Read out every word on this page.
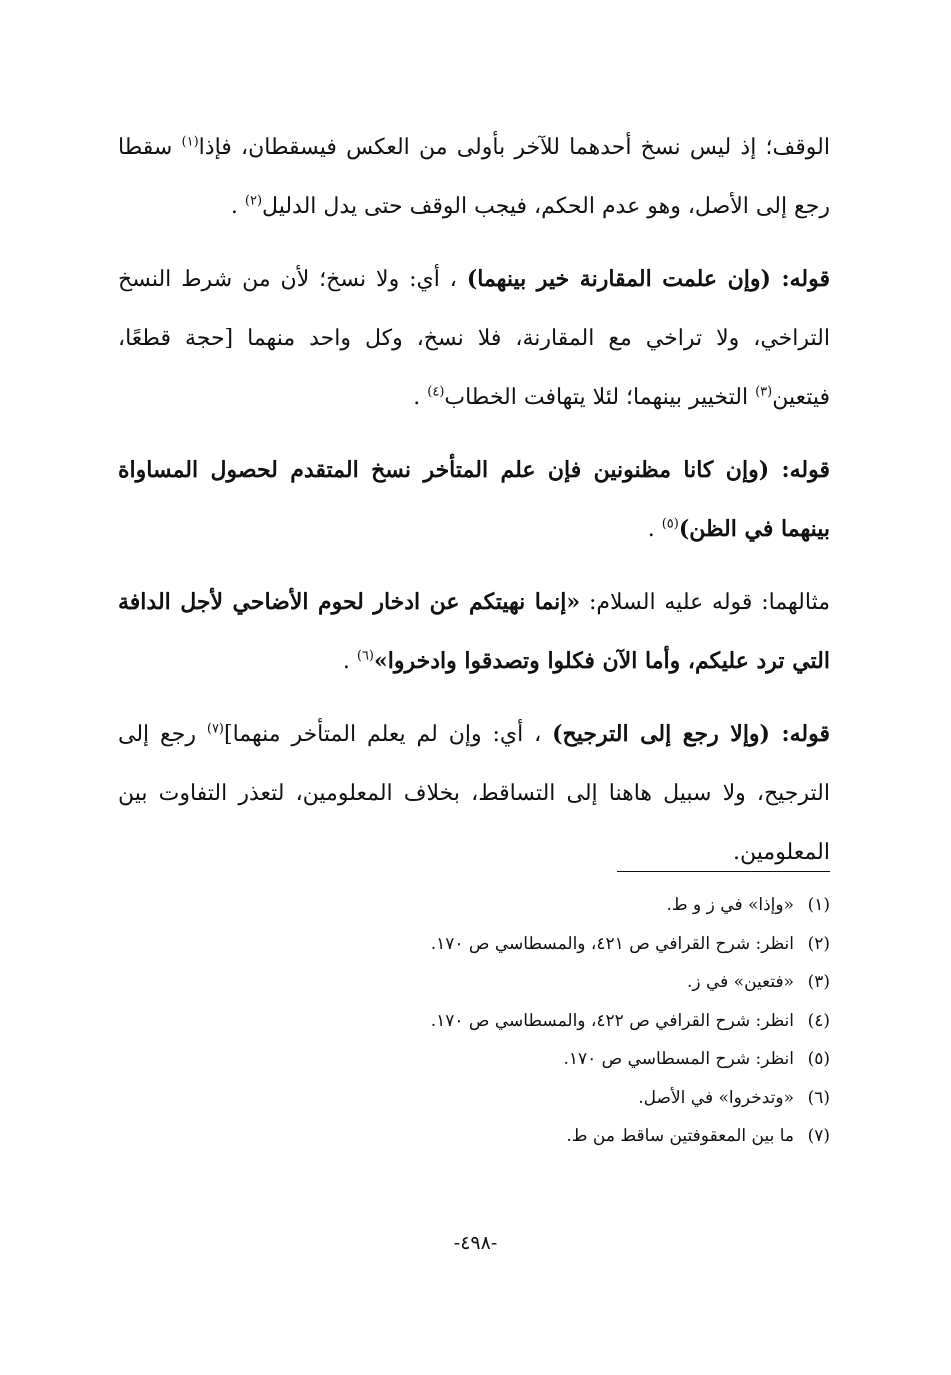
الوقف؛ إذ ليس نسخ أحدهما للآخر بأولى من العكس فيسقطان، فإذا$^{(١)}$ سقطا رجع إلى الأصل، وهو عدم الحكم، فيجب الوقف حتى يدل الدليل$^{(٢)}$ .

قوله: (وإن علمت المقارنة خير بينهما) ، أي: ولا نسخ؛ لأن من شرط النسخ التراخي، ولا تراخي مع المقارنة، فلا نسخ، وكل واحد منهما [حجة قطعًا، فيتعين$^{(٣)}$ التخيير بينهما؛ لئلا يتهافت الخطاب$^{(٤)}$ .

قوله: (وإن كانا مظنونين فإن علم المتأخر نسخ المتقدم لحصول المساواة بينهما في الظن)$^{(٥)}$ .

مثالهما: قوله عليه السلام: «إنما نهيتكم عن ادخار لحوم الأضاحي لأجل الدافة التي ترد عليكم، وأما الآن فكلوا وتصدقوا وادخروا»$^{(٦)}$ .

قوله: (وإلا رجع إلى الترجيح) ، أي: وإن لم يعلم المتأخر منهما]$^{(٧)}$ رجع إلى الترجيح، ولا سبيل هاهنا إلى التساقط، بخلاف المعلومين، لتعذر التفاوت بين المعلومين.

(١)«وإذا» في ز و ط.
(٢)انظر: شرح القرافي ص ٤٢١، والمسطاسي ص ١٧٠.
(٣)«فتعين» في ز.
(٤)انظر: شرح القرافي ص ٤٢٢، والمسطاسي ص ١٧٠.
(٥)انظر: شرح المسطاسي ص ١٧٠.
(٦)«وتدخروا» في الأصل.
(٧)ما بين المعقوفتين ساقط من ط.
-٤٩٨-
